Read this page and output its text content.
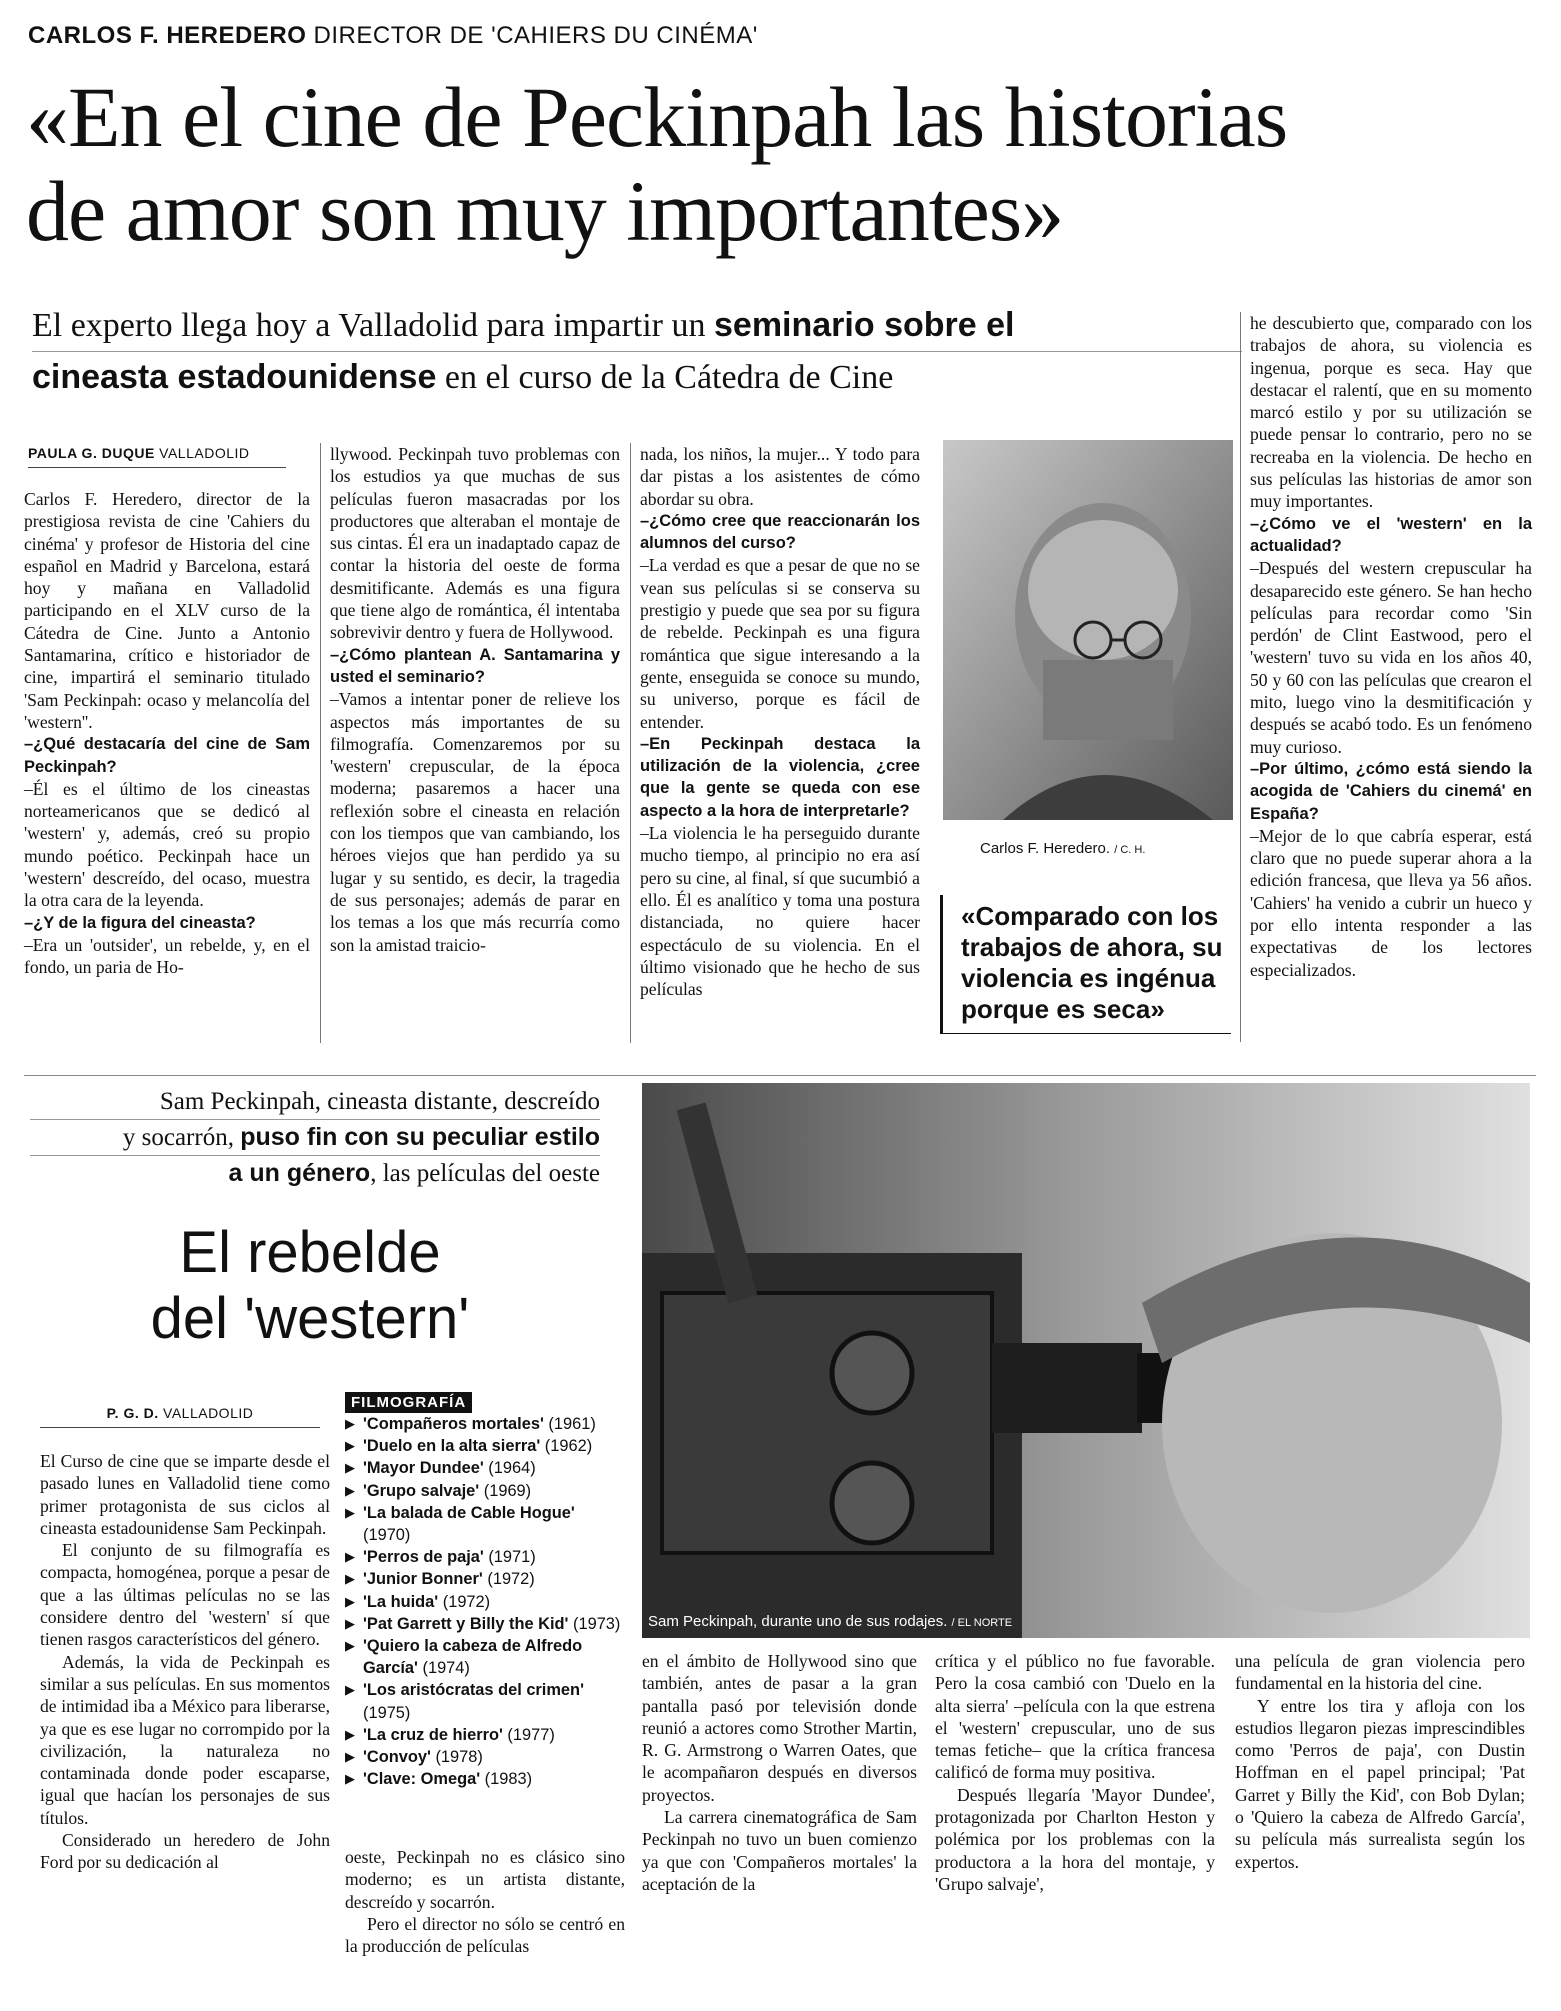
CARLOS F. HEREDERO DIRECTOR DE 'CAHIERS DU CINÉMA'
«En el cine de Peckinpah las historias
de amor son muy importantes»
El experto llega hoy a Valladolid para impartir un seminario sobre el
cineasta estadounidense en el curso de la Cátedra de Cine
PAULA G. DUQUE VALLADOLID

Carlos F. Heredero, director de la prestigiosa revista de cine 'Cahiers du cinéma' y profesor de Historia del cine español en Madrid y Barcelona, estará hoy y mañana en Valladolid participando en el XLV curso de la Cátedra de Cine. Junto a Antonio Santamarina, crítico e historiador de cine, impartirá el seminario titulado 'Sam Peckinpah: ocaso y melancolía del 'western''.

–¿Qué destacaría del cine de Sam Peckinpah?

–Él es el último de los cineastas norteamericanos que se dedicó al 'western' y, además, creó su propio mundo poético. Peckinpah hace un 'western' descreído, del ocaso, muestra la otra cara de la leyenda.

–¿Y de la figura del cineasta?

–Era un 'outsider', un rebelde, y, en el fondo, un paria de Ho-

llywood. Peckinpah tuvo problemas con los estudios ya que muchas de sus películas fueron masacradas por los productores que alteraban el montaje de sus cintas. Él era un inadaptado capaz de contar la historia del oeste de forma desmitificante. Además es una figura que tiene algo de romántica, él intentaba sobrevivir dentro y fuera de Hollywood.

–¿Cómo plantean A. Santamarina y usted el seminario?

–Vamos a intentar poner de relieve los aspectos más importantes de su filmografía. Comenzaremos por su 'western' crepuscular, de la época moderna; pasaremos a hacer una reflexión sobre el cineasta en relación con los tiempos que van cambiando, los héroes viejos que han perdido ya su lugar y su sentido, es decir, la tragedia de sus personajes; además de parar en los temas a los que más recurría como son la amistad traicio-

nada, los niños, la mujer... Y todo para dar pistas a los asistentes de cómo abordar su obra.

–¿Cómo cree que reaccionarán los alumnos del curso?

–La verdad es que a pesar de que no se vean sus películas si se conserva su prestigio y puede que sea por su figura de rebelde. Peckinpah es una figura romántica que sigue interesando a la gente, enseguida se conoce su mundo, su universo, porque es fácil de entender.

–En Peckinpah destaca la utilización de la violencia, ¿cree que la gente se queda con ese aspecto a la hora de interpretarle?

–La violencia le ha perseguido durante mucho tiempo, al principio no era así pero su cine, al final, sí que sucumbió a ello. Él es analítico y toma una postura distanciada, no quiere hacer espectáculo de su violencia. En el último visionado que he hecho de sus películas

Carlos F. Heredero. / C. H.
«Comparado con los trabajos de ahora, su violencia es ingénua porque es seca»

he descubierto que, comparado con los trabajos de ahora, su violencia es ingenua, porque es seca. Hay que destacar el ralentí, que en su momento marcó estilo y por su utilización se puede pensar lo contrario, pero no se recreaba en la violencia. De hecho en sus películas las historias de amor son muy importantes.

–¿Cómo ve el 'western' en la actualidad?

–Después del western crepuscular ha desaparecido este género. Se han hecho películas para recordar como 'Sin perdón' de Clint Eastwood, pero el 'western' tuvo su vida en los años 40, 50 y 60 con las películas que crearon el mito, luego vino la desmitificación y después se acabó todo. Es un fenómeno muy curioso.

–Por último, ¿cómo está siendo la acogida de 'Cahiers du cinemá' en España?

–Mejor de lo que cabría esperar, está claro que no puede superar ahora a la edición francesa, que lleva ya 56 años. 'Cahiers' ha venido a cubrir un hueco y por ello intenta responder a las expectativas de los lectores especializados.

Sam Peckinpah, cineasta distante, descreído
y socarrón, puso fin con su peculiar estilo
a un género, las películas del oeste
El rebelde
del 'western'
P. G. D. VALLADOLID

El Curso de cine que se imparte desde el pasado lunes en Valladolid tiene como primer protagonista de sus ciclos al cineasta estadounidense Sam Peckinpah.

El conjunto de su filmografía es compacta, homogénea, porque a pesar de que a las últimas películas no se las considere dentro del 'western' sí que tienen rasgos característicos del género.

Además, la vida de Peckinpah es similar a sus películas. En sus momentos de intimidad iba a México para liberarse, ya que es ese lugar no corrompido por la civilización, la naturaleza no contaminada donde poder escaparse, igual que hacían los personajes de sus títulos.

Considerado un heredero de John Ford por su dedicación al

FILMOGRAFÍA
▶ 'Compañeros mortales' (1961)
▶ 'Duelo en la alta sierra' (1962)
▶ 'Mayor Dundee' (1964)
▶ 'Grupo salvaje' (1969)
▶ 'La balada de Cable Hogue' (1970)
▶ 'Perros de paja' (1971)
▶ 'Junior Bonner' (1972)
▶ 'La huida' (1972)
▶ 'Pat Garrett y Billy the Kid' (1973)
▶ 'Quiero la cabeza de Alfredo García' (1974)
▶ 'Los aristócratas del crimen' (1975)
▶ 'La cruz de hierro' (1977)
▶ 'Convoy' (1978)
▶ 'Clave: Omega' (1983)
Sam Peckinpah, durante uno de sus rodajes. / EL NORTE

oeste, Peckinpah no es clásico sino moderno; es un artista distante, descreído y socarrón.

Pero el director no sólo se centró en la producción de películas

en el ámbito de Hollywood sino que también, antes de pasar a la gran pantalla pasó por televisión donde reunió a actores como Strother Martin, R. G. Armstrong o Warren Oates, que le acompañaron después en diversos proyectos.

La carrera cinematográfica de Sam Peckinpah no tuvo un buen comienzo ya que con 'Compañeros mortales' la aceptación de la

crítica y el público no fue favorable. Pero la cosa cambió con 'Duelo en la alta sierra' –película con la que estrena el 'western' crepuscular, uno de sus temas fetiche– que la crítica francesa calificó de forma muy positiva.

Después llegaría 'Mayor Dundee', protagonizada por Charlton Heston y polémica por los problemas con la productora a la hora del montaje, y 'Grupo salvaje',

una película de gran violencia pero fundamental en la historia del cine.

Y entre los tira y afloja con los estudios llegaron piezas imprescindibles como 'Perros de paja', con Dustin Hoffman en el papel principal; 'Pat Garret y Billy the Kid', con Bob Dylan; o 'Quiero la cabeza de Alfredo García', su película más surrealista según los expertos.
